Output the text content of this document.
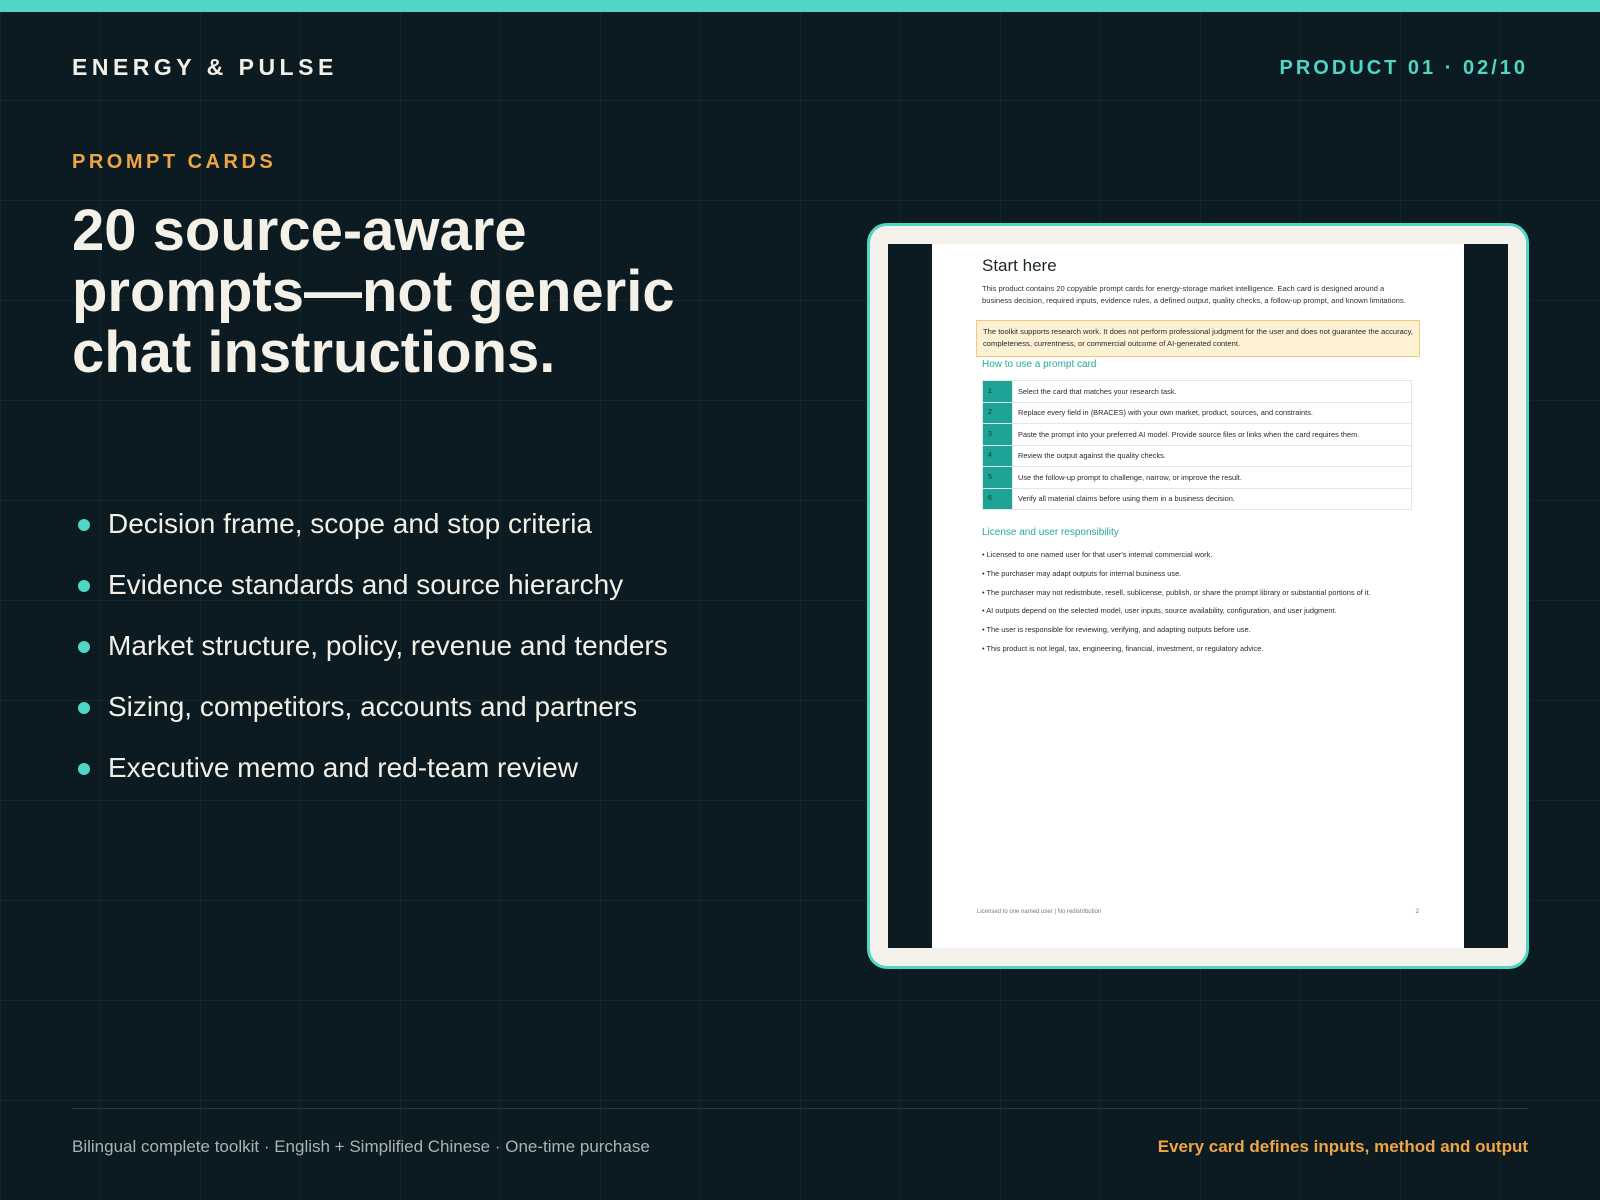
ENERGY & PULSE	PRODUCT 01 · 02/10
PROMPT CARDS
20 source-aware prompts—not generic chat instructions.
Decision frame, scope and stop criteria
Evidence standards and source hierarchy
Market structure, policy, revenue and tenders
Sizing, competitors, accounts and partners
Executive memo and red-team review
Start here

This product contains 20 copyable prompt cards for energy-storage market intelligence. Each card is designed around a business decision, required inputs, evidence rules, a defined output, quality checks, a follow-up prompt, and known limitations.

The toolkit supports research work. It does not perform professional judgment for the user and does not guarantee the accuracy, completeness, currentness, or commercial outcome of AI-generated content.
How to use a prompt card
1	Select the card that matches your research task.
2	Replace every field in {BRACES} with your own market, product, sources, and constraints.
3	Paste the prompt into your preferred AI model. Provide source files or links when the card requires them.
4	Review the output against the quality checks.
5	Use the follow-up prompt to challenge, narrow, or improve the result.
6	Verify all material claims before using them in a business decision.
License and user responsibility
• Licensed to one named user for that user's internal commercial work.
• The purchaser may adapt outputs for internal business use.
• The purchaser may not redistribute, resell, sublicense, publish, or share the prompt library or substantial portions of it.
• AI outputs depend on the selected model, user inputs, source availability, configuration, and user judgment.
• The user is responsible for reviewing, verifying, and adapting outputs before use.
• This product is not legal, tax, engineering, financial, investment, or regulatory advice.
Licensed to one named user | No redistribution	2
Bilingual complete toolkit · English + Simplified Chinese · One-time purchase	Every card defines inputs, method and output
